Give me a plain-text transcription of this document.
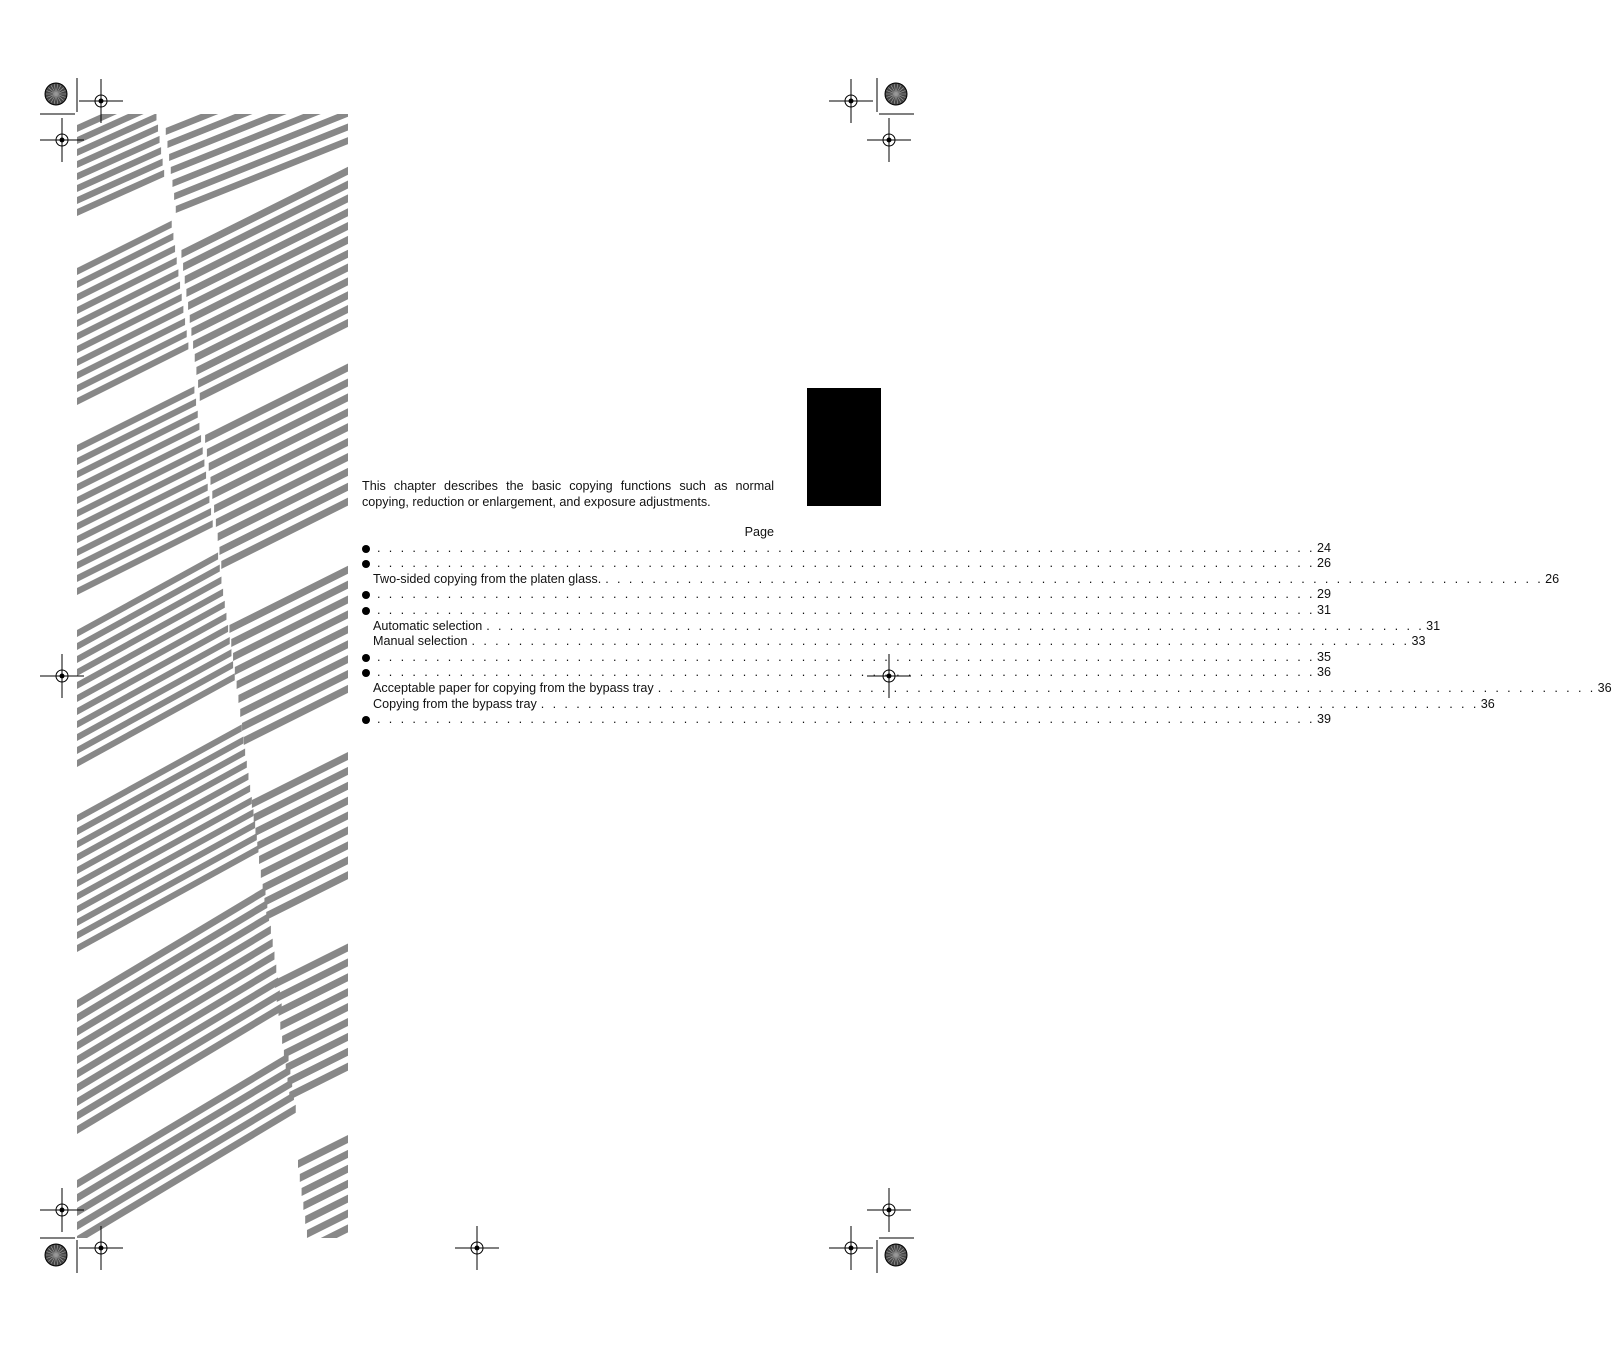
This chapter describes the basic copying functions such as normal copying, reduction or enlargement, and exposure adjustments.

Page
. . . . . . . . . . . . . . . . . . . . . . . . . . . . . . . . . . . . . . . . . . . . . . . . . . . . . . . . . . . . . . . . . . . . . . . . . . . . . . . . 24
. . . . . . . . . . . . . . . . . . . . . . . . . . . . . . . . . . . . . . . . . . . . . . . . . . . . . . . . . . . . . . . . . . . . . . . . . . . . . . . . 26
Two-sided copying from the platen glass. . . . . . . . . . . . . . . . . . . . . . . . . . . . . . . . . . . . . . . . . . . . . . . . . . . . . . . . . . . . . . . . . . . . . . . . . . . . . . . . . 26
. . . . . . . . . . . . . . . . . . . . . . . . . . . . . . . . . . . . . . . . . . . . . . . . . . . . . . . . . . . . . . . . . . . . . . . . . . . . . . . . 29
. . . . . . . . . . . . . . . . . . . . . . . . . . . . . . . . . . . . . . . . . . . . . . . . . . . . . . . . . . . . . . . . . . . . . . . . . . . . . . . . 31
Automatic selection . . . . . . . . . . . . . . . . . . . . . . . . . . . . . . . . . . . . . . . . . . . . . . . . . . . . . . . . . . . . . . . . . . . . . . . . . . . . . . . . 31
Manual selection . . . . . . . . . . . . . . . . . . . . . . . . . . . . . . . . . . . . . . . . . . . . . . . . . . . . . . . . . . . . . . . . . . . . . . . . . . . . . . . . 33
. . . . . . . . . . . . . . . . . . . . . . . . . . . . . . . . . . . . . . . . . . . . . . . . . . . . . . . . . . . . . . . . . . . . . . . . . . . . . . . . 35
. . . . . . . . . . . . . . . . . . . . . . . . . . . . . . . . . . . . . . . . . . . . . . . . . . . . . . . . . . . . . . . . . . . . . . . . . . . . . . . . 36
Acceptable paper for copying from the bypass tray . . . . . . . . . . . . . . . . . . . . . . . . . . . . . . . . . . . . . . . . . . . . . . . . . . . . . . . . . . . . . . . . . . . . . . . . . . . . . . . . 36
Copying from the bypass tray . . . . . . . . . . . . . . . . . . . . . . . . . . . . . . . . . . . . . . . . . . . . . . . . . . . . . . . . . . . . . . . . . . . . . . . . . . . . . . . . 36
. . . . . . . . . . . . . . . . . . . . . . . . . . . . . . . . . . . . . . . . . . . . . . . . . . . . . . . . . . . . . . . . . . . . . . . . . . . . . . . . 39
